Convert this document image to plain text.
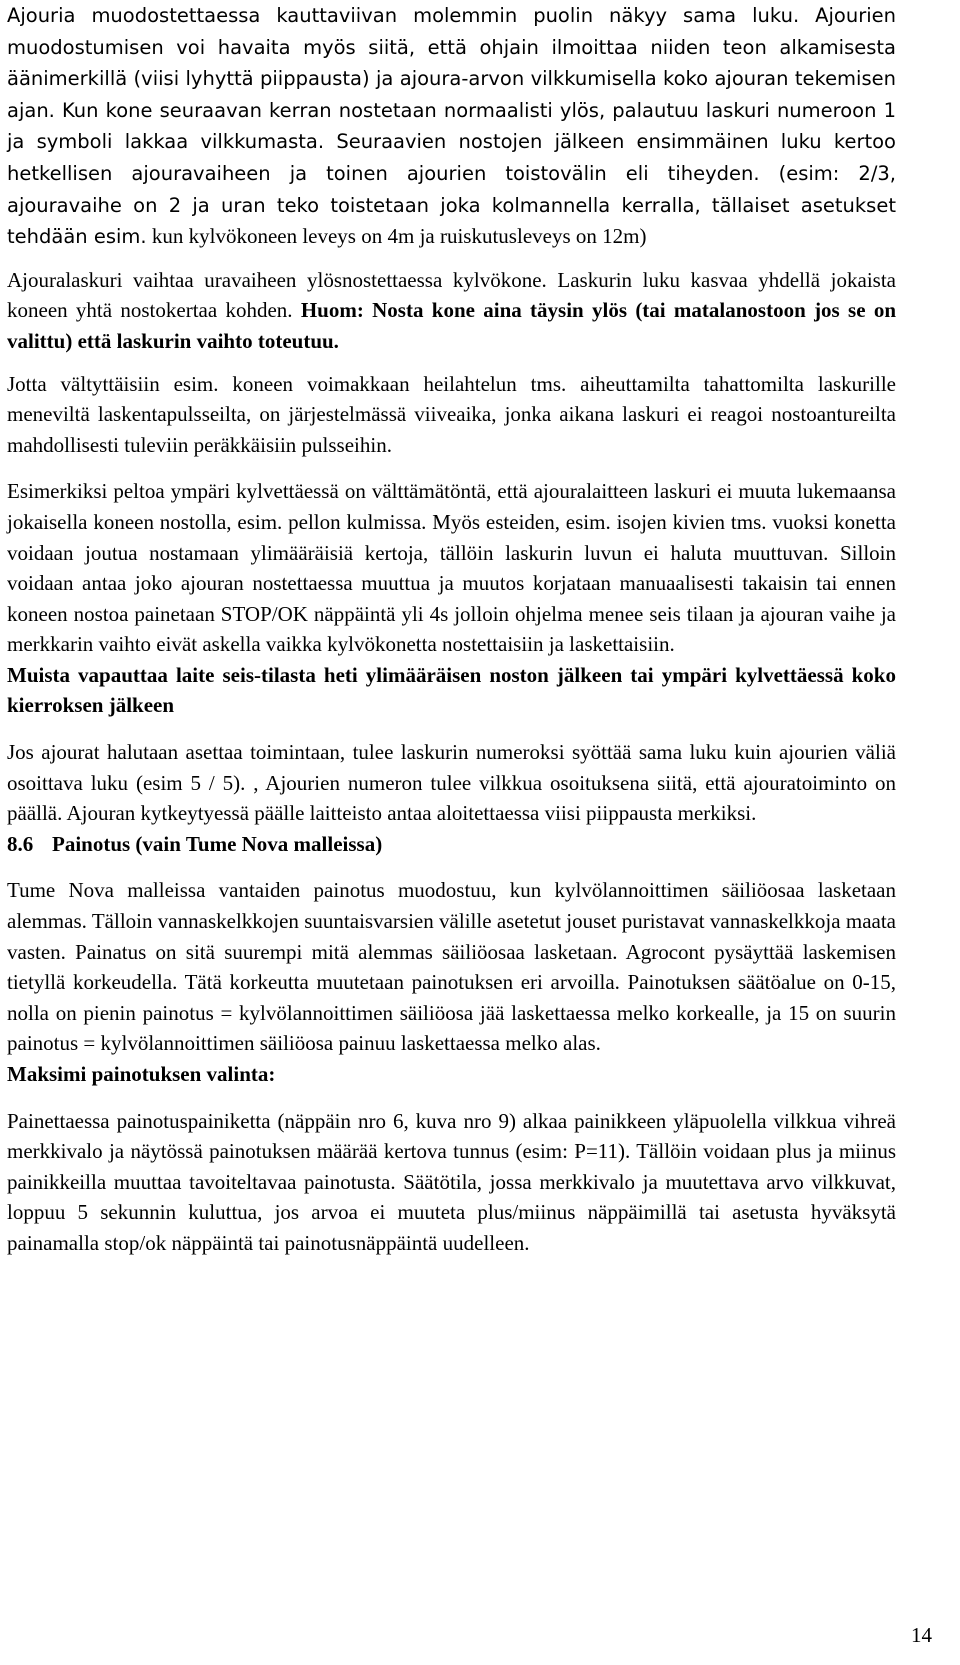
Ajouria muodostettaessa kauttaviivan molemmin puolin näkyy sama luku. Ajourien muodostumisen voi havaita myös siitä, että ohjain ilmoittaa niiden teon alkamisesta äänimerkillä (viisi lyhyttä piippausta) ja ajoura-arvon vilkkumisella koko ajouran tekemisen ajan. Kun kone seuraavan kerran nostetaan normaalisti ylös, palautuu laskuri numeroon 1 ja symboli lakkaa vilkkumasta. Seuraavien nostojen jälkeen ensimmäinen luku kertoo hetkellisen ajouravaiheen ja toinen ajourien toistovälin eli tiheyden. (esim: 2/3, ajouravaihe on 2 ja uran teko toistetaan joka kolmannella kerralla, tällaiset asetukset tehdään esim. kun kylvökoneen leveys on 4m ja ruiskutusleveys on 12m)

Ajouralaskuri vaihtaa uravaiheen ylösnostettaessa kylvökone. Laskurin luku kasvaa yhdellä jokaista koneen yhtä nostokertaa kohden. Huom: Nosta kone aina täysin ylös (tai matalanostoon jos se on valittu) että laskurin vaihto toteutuu.

Jotta vältyttäisiin esim. koneen voimakkaan heilahtelun tms. aiheuttamilta tahattomilta laskurille meneviltä laskentapulsseilta, on järjestelmässä viiveaika, jonka aikana laskuri ei reagoi nostoantureilta mahdollisesti tuleviin peräkkäisiin pulsseihin.

Esimerkiksi peltoa ympäri kylvettäessä on välttämätöntä, että ajouralaitteen laskuri ei muuta lukemaansa jokaisella koneen nostolla, esim. pellon kulmissa. Myös esteiden, esim. isojen kivien tms. vuoksi konetta voidaan joutua nostamaan ylimääräisiä kertoja, tällöin laskurin luvun ei haluta muuttuvan. Silloin voidaan antaa joko ajouran nostettaessa muuttua ja muutos korjataan manuaalisesti takaisin tai ennen koneen nostoa painetaan STOP/OK näppäintä yli 4s jolloin ohjelma menee seis tilaan ja ajouran vaihe ja merkkarin vaihto eivät askella vaikka kylvökonetta nostettaisiin ja laskettaisiin.

Muista vapauttaa laite seis-tilasta heti ylimääräisen noston jälkeen tai ympäri kylvettäessä koko kierroksen jälkeen

Jos ajourat halutaan asettaa toimintaan, tulee laskurin numeroksi syöttää sama luku kuin ajourien väliä osoittava luku (esim 5 / 5). , Ajourien numeron tulee vilkkua osoituksena siitä, että ajouratoiminto on päällä. Ajouran kytkeytyessä päälle laitteisto antaa aloitettaessa viisi piippausta merkiksi.

8.6 Painotus (vain Tume Nova malleissa)

Tume Nova malleissa vantaiden painotus muodostuu, kun kylvölannoittimen säiliöosaa lasketaan alemmas. Tälloin vannaskelkkojen suuntaisvarsien välille asetetut jouset puristavat vannaskelkkoja maata vasten. Painatus on sitä suurempi mitä alemmas säiliöosaa lasketaan. Agrocont pysäyttää laskemisen tietyllä korkeudella. Tätä korkeutta muutetaan painotuksen eri arvoilla. Painotuksen säätöalue on 0-15, nolla on pienin painotus = kylvölannoittimen säiliöosa jää laskettaessa melko korkealle, ja 15 on suurin painotus = kylvölannoittimen säiliöosa painuu laskettaessa melko alas.

Maksimi painotuksen valinta:

Painettaessa painotuspainiketta (näppäin nro 6, kuva nro 9) alkaa painikkeen yläpuolella vilkkua vihreä merkkivalo ja näytössä painotuksen määrää kertova tunnus (esim: P=11). Tällöin voidaan plus ja miinus painikkeilla muuttaa tavoiteltavaa painotusta. Säätötila, jossa merkkivalo ja muutettava arvo vilkkuvat, loppuu 5 sekunnin kuluttua, jos arvoa ei muuteta plus/miinus näppäimillä tai asetusta hyväksytä painamalla stop/ok näppäintä tai painotusnäppäintä uudelleen.

14
